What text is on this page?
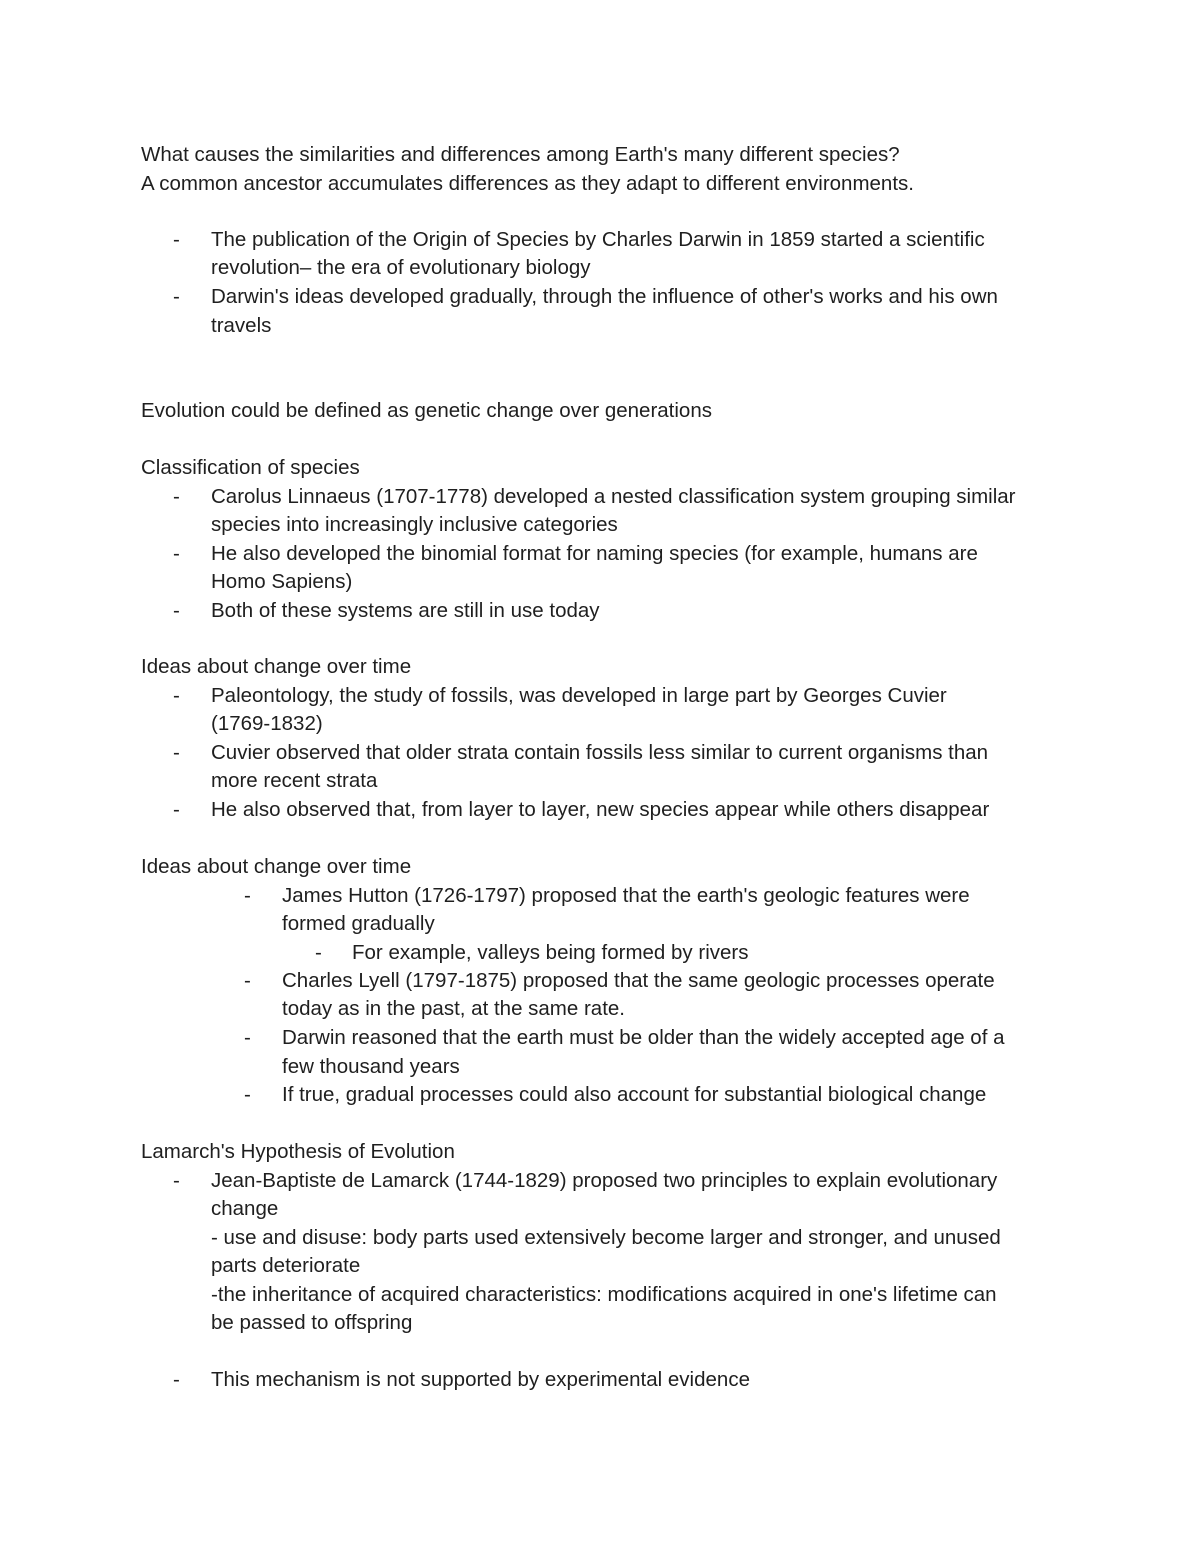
What causes the similarities and differences among Earth's many different species?
A common ancestor accumulates differences as they adapt to different environments.
- The publication of the Origin of Species by Charles Darwin in 1859 started a scientific
revolution– the era of evolutionary biology
- Darwin's ideas developed gradually, through the influence of other's works and his own
travels
Evolution could be defined as genetic change over generations
Classification of species
- Carolus Linnaeus (1707-1778) developed a nested classification system grouping similar
species into increasingly inclusive categories
- He also developed the binomial format for naming species (for example, humans are
Homo Sapiens)
- Both of these systems are still in use today
Ideas about change over time
- Paleontology, the study of fossils, was developed in large part by Georges Cuvier
(1769-1832)
- Cuvier observed that older strata contain fossils less similar to current organisms than
more recent strata
- He also observed that, from layer to layer, new species appear while others disappear
Ideas about change over time
- James Hutton (1726-1797) proposed that the earth's geologic features were
formed gradually
- For example, valleys being formed by rivers
- Charles Lyell (1797-1875) proposed that the same geologic processes operate
today as in the past, at the same rate.
- Darwin reasoned that the earth must be older than the widely accepted age of a
few thousand years
- If true, gradual processes could also account for substantial biological change
Lamarch's Hypothesis of Evolution
- Jean-Baptiste de Lamarck (1744-1829) proposed two principles to explain evolutionary
change
- use and disuse: body parts used extensively become larger and stronger, and unused
parts deteriorate
-the inheritance of acquired characteristics: modifications acquired in one's lifetime can
be passed to offspring
- This mechanism is not supported by experimental evidence
